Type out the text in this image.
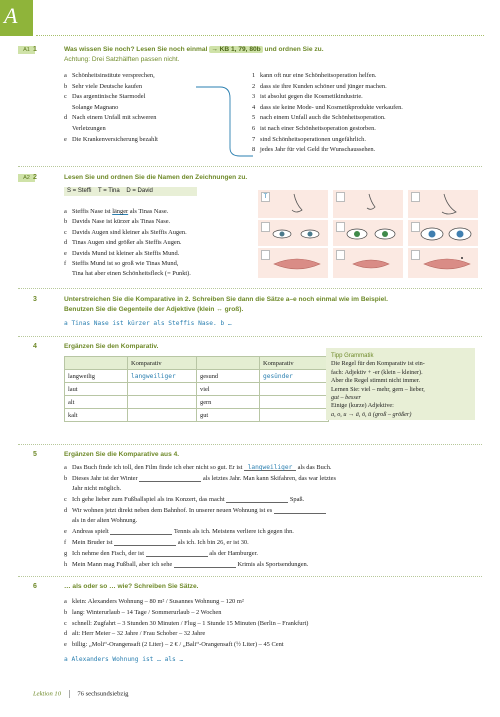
A
A1 1	Was wissen Sie noch? Lesen Sie noch einmal → KB 1, 79, 80b und ordnen Sie zu.
Achtung: Drei Satzhälften passen nicht.
a Schönheitsinstitute versprechen,
b Sehr viele Deutsche kaufen
c Das argentinische Starmodel
Solange Magnano
d Nach einem Unfall mit schweren
Verletzungen
e Die Krankenversicherung bezahlt
1 kann oft nur eine Schönheitsoperation helfen.
2 dass sie ihre Kunden schöner und jünger machen.
3 ist absolut gegen die Kosmetikindustrie.
4 dass sie keine Mode- und Kosmetikprodukte verkaufen.
5 nach einem Unfall auch die Schönheitsoperation.
6 ist nach einer Schönheitsoperation gestorben.
7 sind Schönheitsoperationen ungefährlich.
8 jedes Jahr für viel Geld ihr Wunschaussehen.
A2 2	Lesen Sie und ordnen Sie die Namen den Zeichnungen zu.
S = Steffi    T = Tina    D = David
a Steffis Nase ist länger als Tinas Nase.
b Davids Nase ist kürzer als Tinas Nase.
c Davids Augen sind kleiner als Steffis Augen.
d Tinas Augen sind größer als Steffis Augen.
e Davids Mund ist kleiner als Steffis Mund.
f Steffis Mund ist so groß wie Tinas Mund,
Tina hat aber einen Schönheitsfleck (= Punkt).
T
3	Unterstreichen Sie die Komparative in 2. Schreiben Sie dann die Sätze a–e noch einmal wie im Beispiel.
Benutzen Sie die Gegenteile der Adjektive (klein ↔ groß).
a Tinas Nase ist kürzer als Steffis Nase. b …
4	Ergänzen Sie den Komparativ.
	Komparativ		Komparativ
langweilig	langweiliger	gesund	gesünder
laut		viel	
alt		gern	
kalt		gut	
Tipp Grammatik
Die Regel für den Komparativ ist ein-
fach: Adjektiv + -er (klein – kleiner).
Aber die Regel stimmt nicht immer.
Lernen Sie: viel – mehr, gern – lieber,
gut – besser
Einige (kurze) Adjektive:
a, o, u → ä, ö, ü (groß – größer)
5	Ergänzen Sie die Komparative aus 4.
a Das Buch finde ich toll, den Film finde ich eher nicht so gut. Er ist langweiliger als das Buch.
b Dieses Jahr ist der Winter	als letztes Jahr. Man kann Skifahren, das war letztes
Jahr nicht möglich.
c Ich gehe lieber zum Fußballspiel als ins Konzert, das macht	Spaß.
d Wir wohnen jetzt direkt neben dem Bahnhof. In unserer neuen Wohnung ist es
als in der alten Wohnung.
e Andreas spielt	Tennis als ich. Meistens verliere ich gegen ihn.
f Mein Bruder ist	als ich. Ich bin 26, er ist 30.
g Ich nehme den Fisch, der ist	als der Hamburger.
h Mein Mann mag Fußball, aber ich sehe	Krimis als Sportsendungen.
6	… als oder so … wie? Schreiben Sie Sätze.
a klein: Alexanders Wohnung – 80 m² / Susannes Wohnung – 120 m²
b lang: Winterurlaub – 14 Tage / Sommerurlaub – 2 Wochen
c schnell: Zugfahrt – 3 Stunden 30 Minuten / Flug – 1 Stunde 15 Minuten (Berlin – Frankfurt)
d alt: Herr Meier – 32 Jahre / Frau Schober – 32 Jahre
e billig: „Moli“-Orangensaft (2 Liter) – 2 € / „Bali“-Orangensaft (½ Liter) – 45 Cent
a Alexanders Wohnung ist … als …
Lektion 10 76 sechsundsiebzig
